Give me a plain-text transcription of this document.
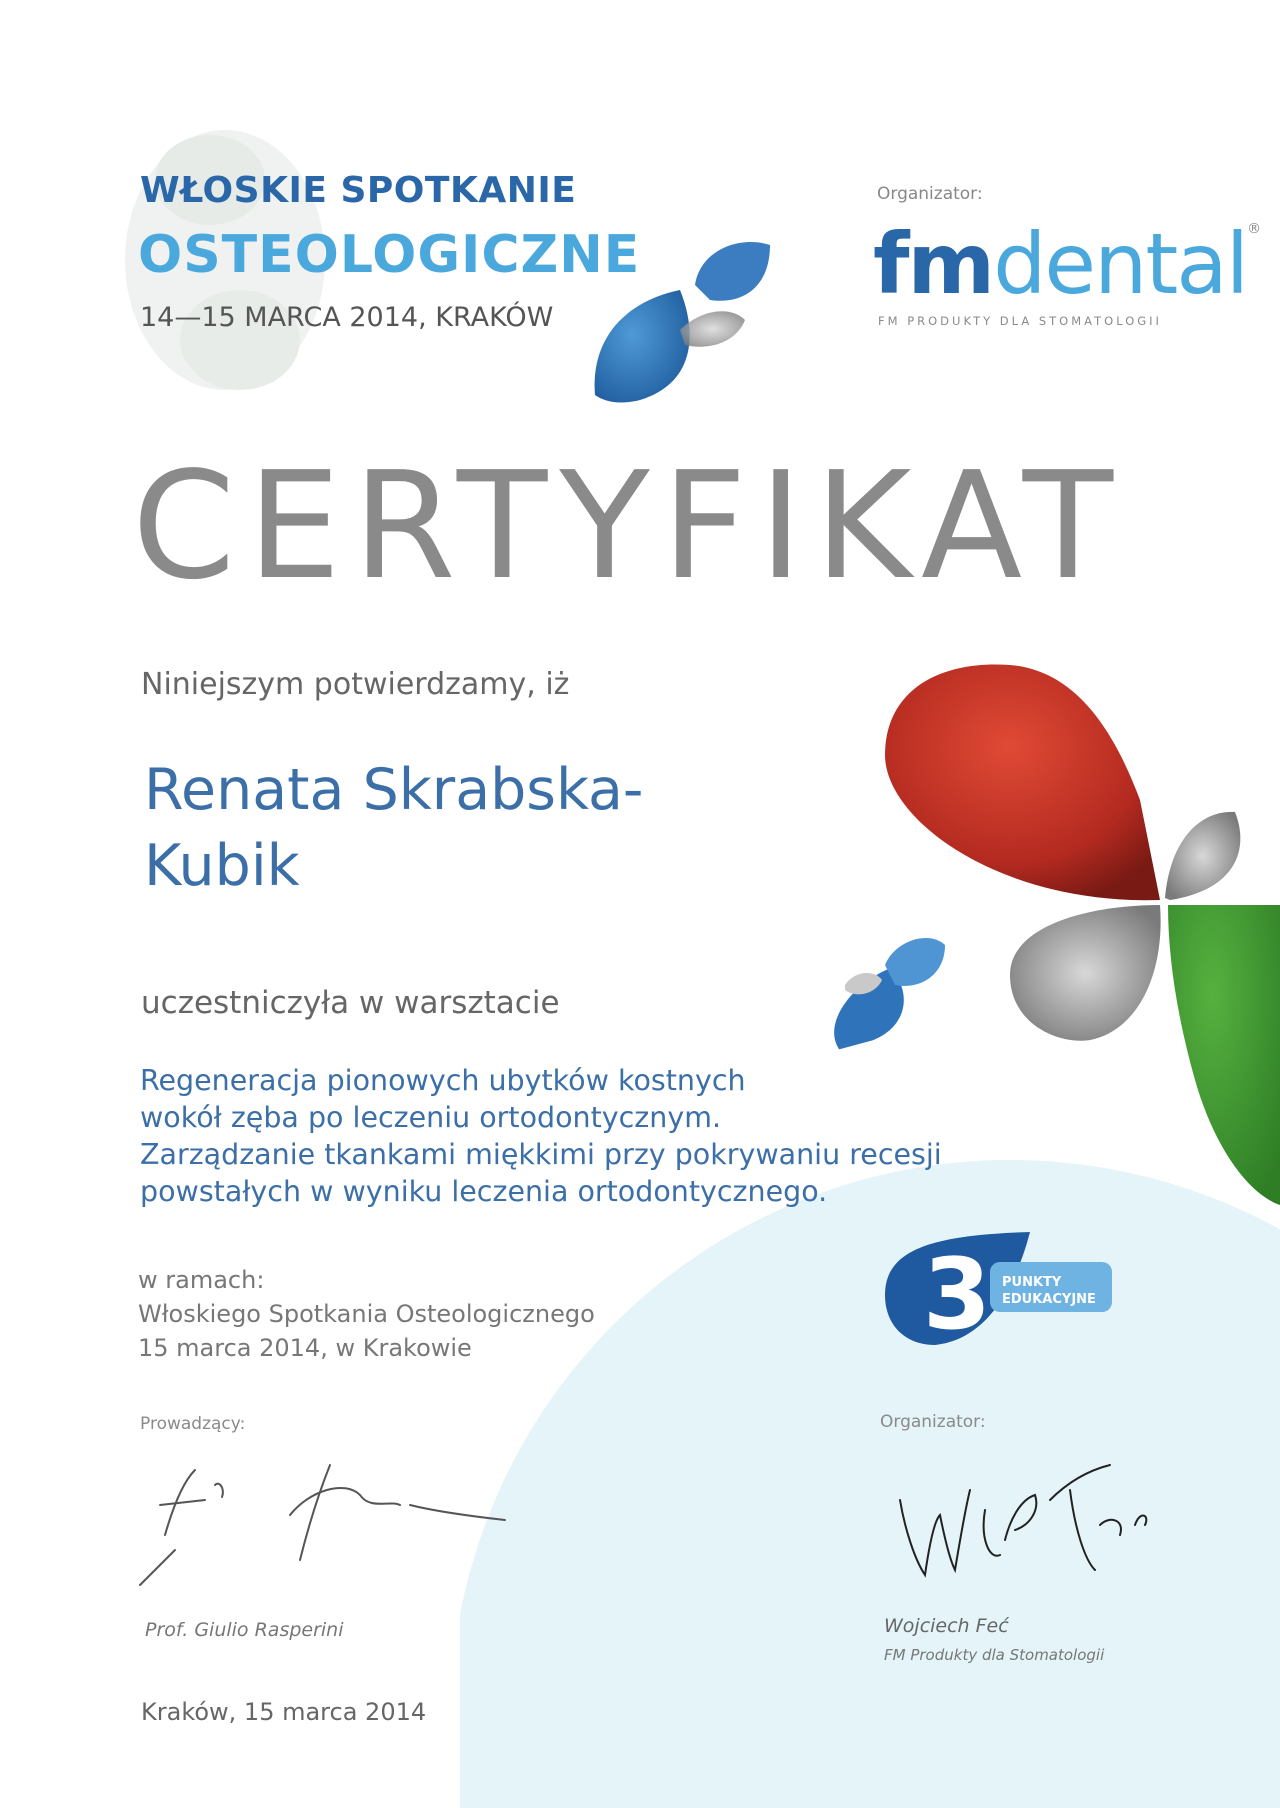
WŁOSKIE SPOTKANIE
OSTEOLOGICZNE
14—15 MARCA 2014, KRAKÓW
Organizator:
fmdental®
FM PRODUKTY DLA STOMATOLOGII
CERTYFIKAT
Niniejszym potwierdzamy, iż
Renata Skrabska-
Kubik
uczestniczyła w warsztacie
Regeneracja pionowych ubytków kostnych
wokół zęba po leczeniu ortodontycznym.
Zarządzanie tkankami miękkimi przy pokrywaniu recesji
powstałych w wyniku leczenia ortodontycznego.
w ramach:
Włoskiego Spotkania Osteologicznego
15 marca 2014, w Krakowie	3 PUNKTY
EDUKACYJNE
Prowadzący:
Prof. Giulio Rasperini
Organizator:
Wojciech Feć
FM Produkty dla Stomatologii
Kraków, 15 marca 2014
